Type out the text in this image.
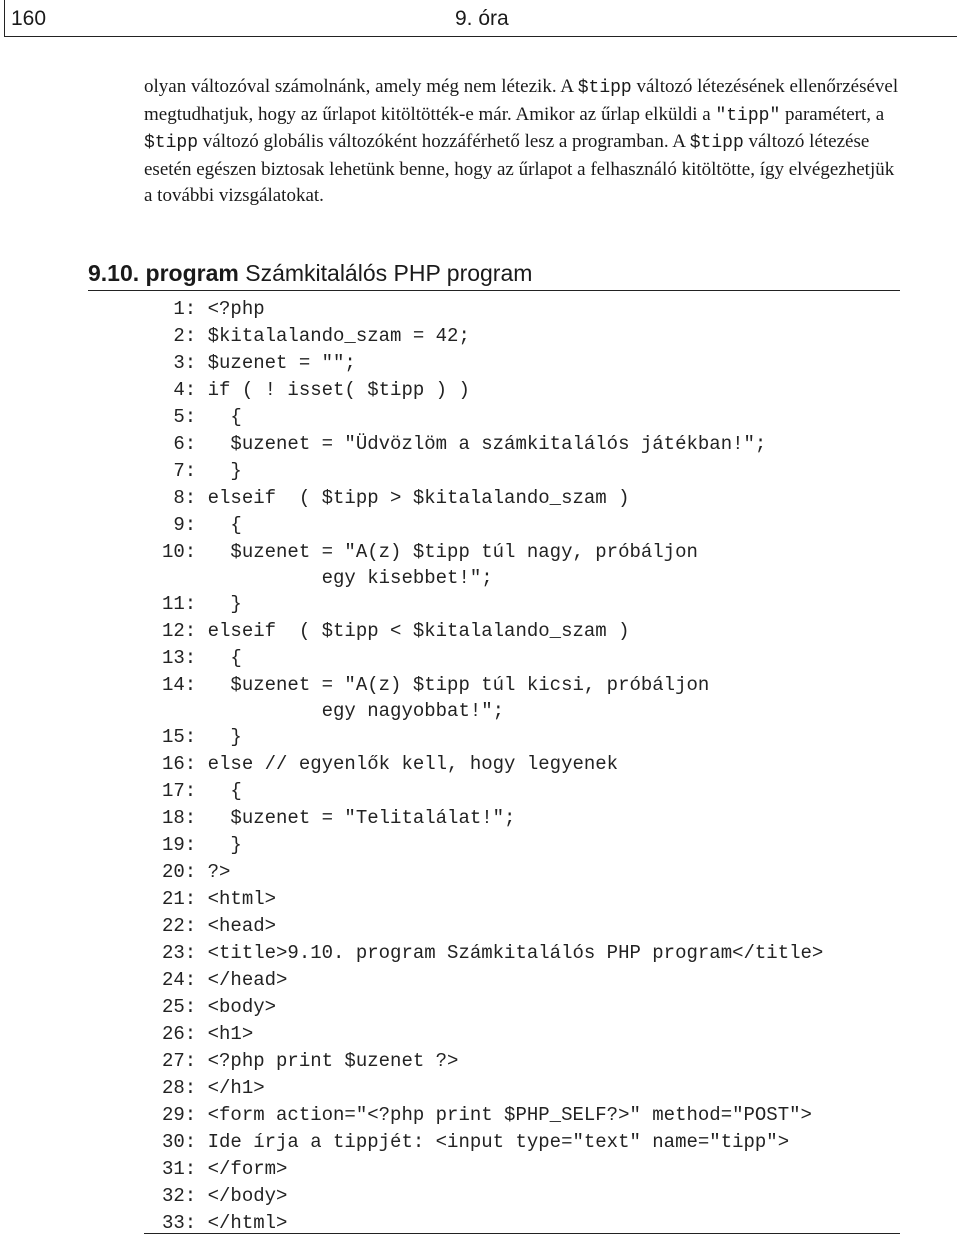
160	9. óra

olyan változóval számolnánk, amely még nem létezik. A $tipp változó létezésének ellenőrzésével megtudhatjuk, hogy az űrlapot kitöltötték-e már. Amikor az űrlap elküldi a "tipp" paramétert, a $tipp változó globális változóként hozzáférhető lesz a programban. A $tipp változó létezése esetén egészen biztosak lehetünk benne, hogy az űrlapot a felhasználó kitöltötte, így elvégezhetjük a további vizsgálatokat.

9.10. program Számkitalálós PHP program
1: <?php
2: $kitalalando_szam = 42;
3: $uzenet = "";
4: if ( ! isset( $tipp ) )
5:   {
6:   $uzenet = "Üdvözlöm a számkitalálós játékban!";
7:   }
8: elseif  ( $tipp > $kitalalando_szam )
9:   {
10:   $uzenet = "A(z) $tipp túl nagy, próbáljon
egy kisebbet!";
11:   }
12: elseif  ( $tipp < $kitalalando_szam )
13:   {
14:   $uzenet = "A(z) $tipp túl kicsi, próbáljon
egy nagyobbat!";
15:   }
16: else // egyenlők kell, hogy legyenek
17:   {
18:   $uzenet = "Telitalálat!";
19:   }
20: ?>
21: <html>
22: <head>
23: <title>9.10. program Számkitalálós PHP program</title>
24: </head>
25: <body>
26: <h1>
27: <?php print $uzenet ?>
28: </h1>
29: <form action="<?php print $PHP_SELF?>" method="POST">
30: Ide írja a tippjét: <input type="text" name="tipp">
31: </form>
32: </body>
33: </html>
